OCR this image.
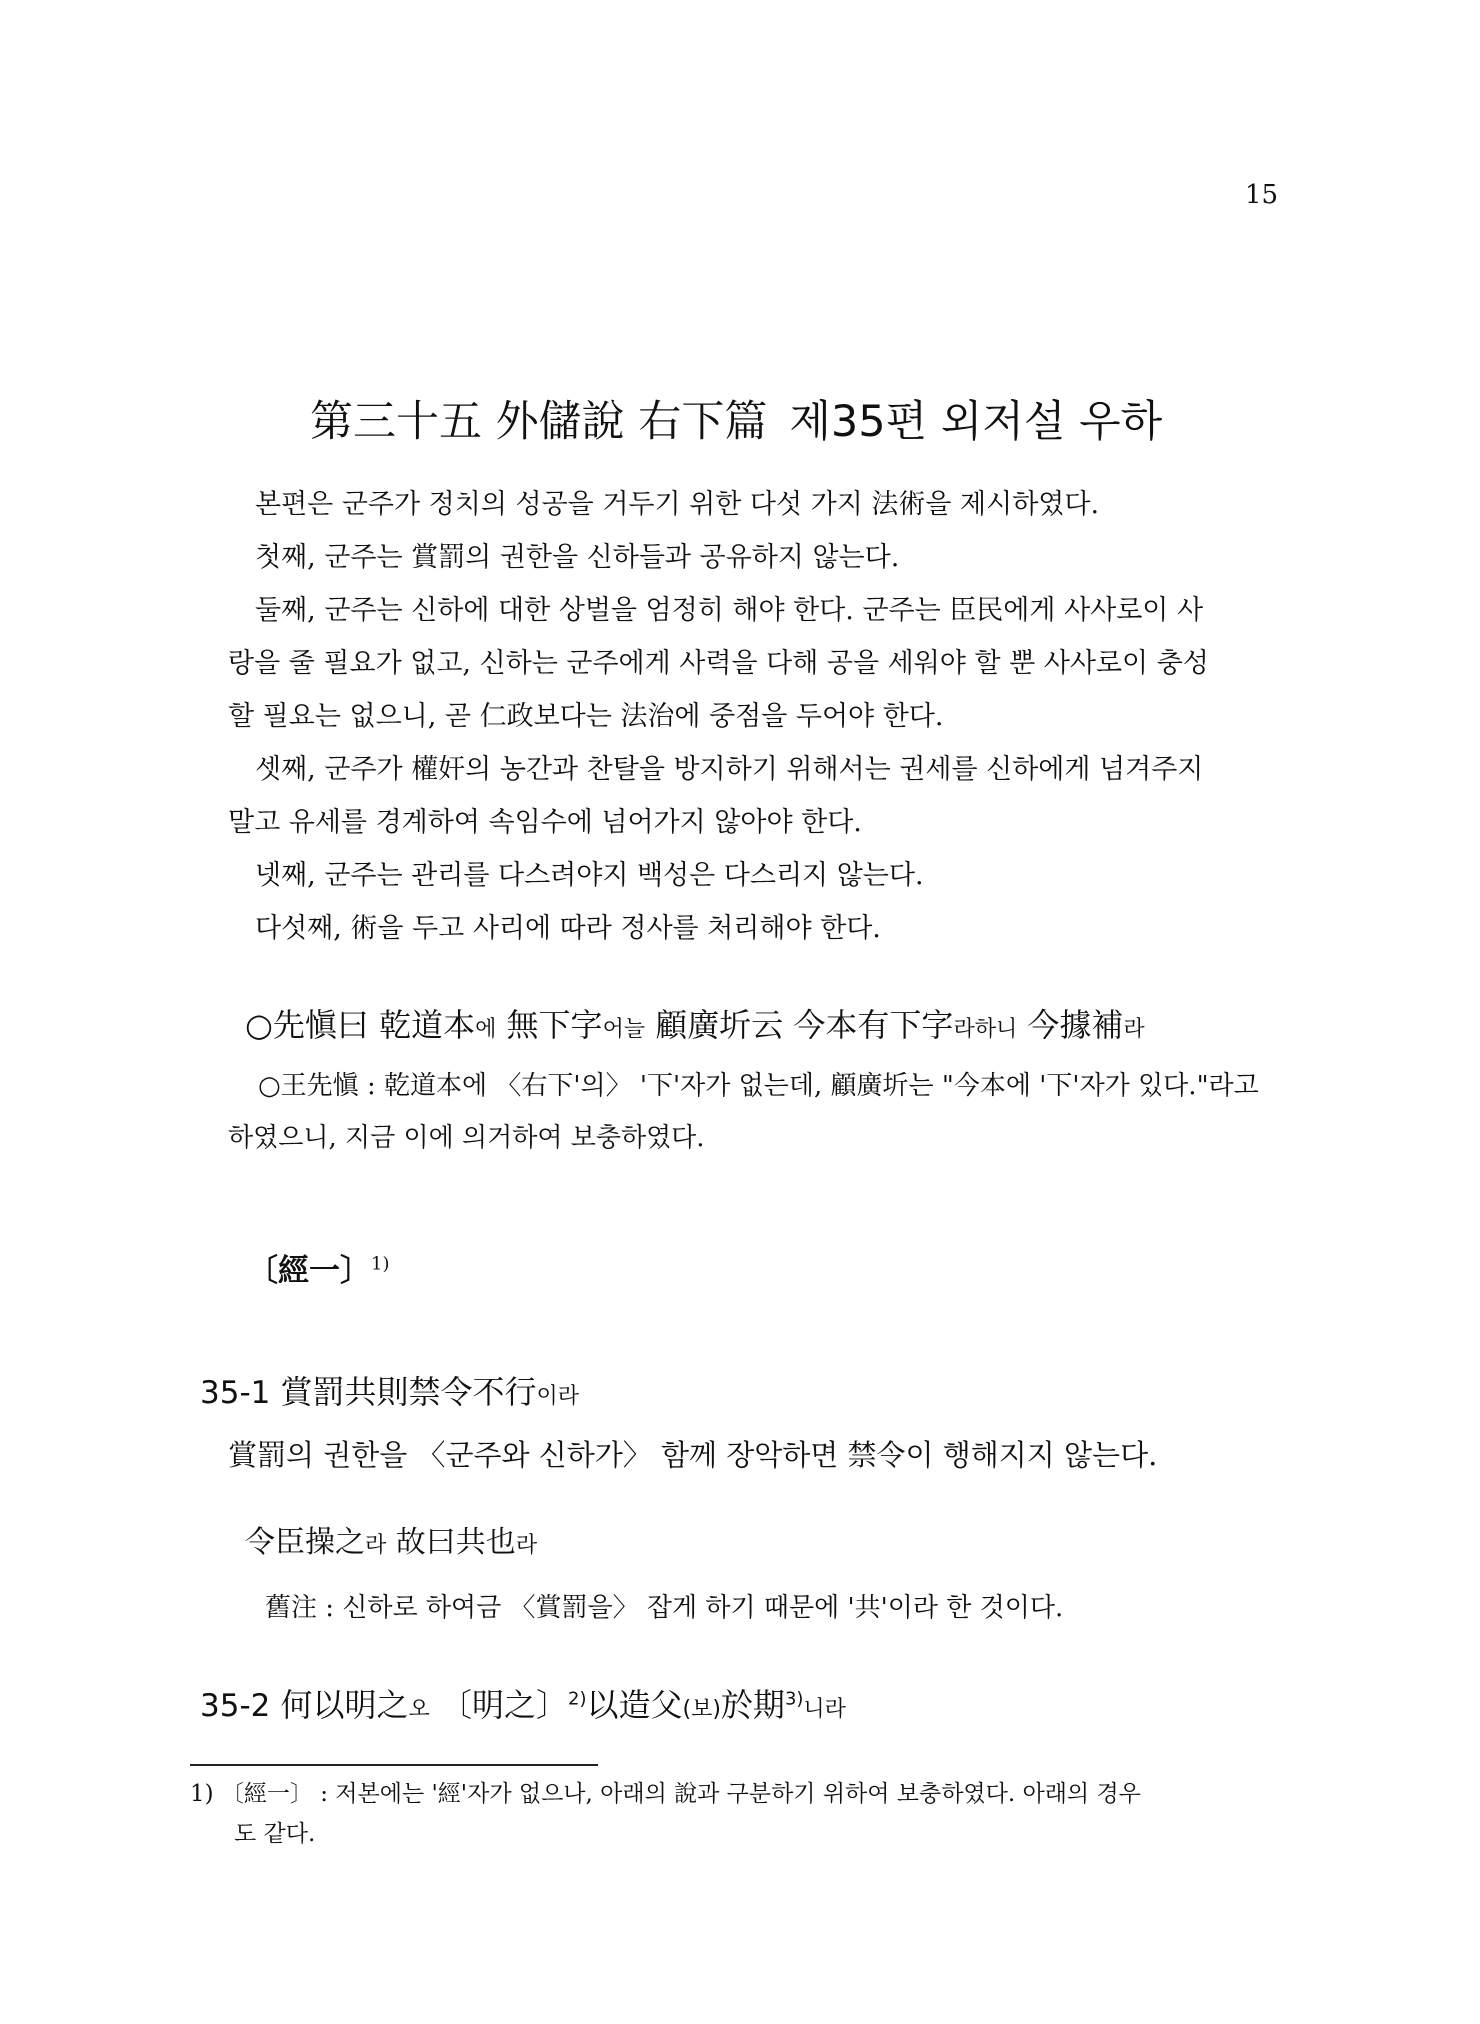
15
第三十五 外儲說 右下篇 제35편 외저설 우하

본편은 군주가 정치의 성공을 거두기 위한 다섯 가지 法術을 제시하였다.

첫째, 군주는 賞罰의 권한을 신하들과 공유하지 않는다.

둘째, 군주는 신하에 대한 상벌을 엄정히 해야 한다. 군주는 臣民에게 사사로이 사

랑을 줄 필요가 없고, 신하는 군주에게 사력을 다해 공을 세워야 할 뿐 사사로이 충성

할 필요는 없으니, 곧 仁政보다는 法治에 중점을 두어야 한다.

셋째, 군주가 權奸의 농간과 찬탈을 방지하기 위해서는 권세를 신하에게 넘겨주지

말고 유세를 경계하여 속임수에 넘어가지 않아야 한다.

넷째, 군주는 관리를 다스려야지 백성은 다스리지 않는다.

다섯째, 術을 두고 사리에 따라 정사를 처리해야 한다.

○先愼曰 乾道本에 無下字어늘 顧廣圻云 今本有下字라하니 今據補라
○王先愼 : 乾道本에 〈右下'의〉 '下'자가 없는데, 顧廣圻는 "今本에 '下'자가 있다."라고
하였으니, 지금 이에 의거하여 보충하였다.
〔經一〕$^{1)}$
35-1 賞罰共則禁令不行이라
賞罰의 권한을 〈군주와 신하가〉 함께 장악하면 禁令이 행해지지 않는다.
令臣操之라 故曰共也라
舊注 : 신하로 하여금 〈賞罰을〉 잡게 하기 때문에 '共'이라 한 것이다.
35-2 何以明之오 〔明之〕$^{2)}$以造父(보)於期$^{3)}$니라
1) 〔經一〕 : 저본에는 '經'자가 없으나, 아래의 說과 구분하기 위하여 보충하였다. 아래의 경우
도 같다.
